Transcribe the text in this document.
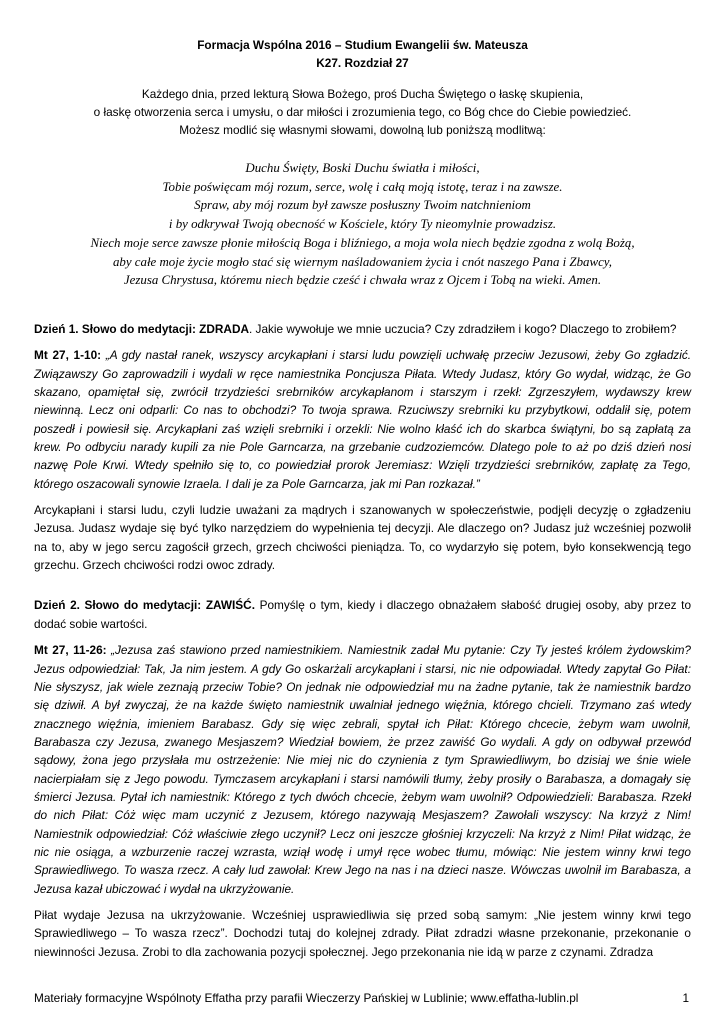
Formacja Wspólna 2016 – Studium Ewangelii św. Mateusza
K27. Rozdział 27
Każdego dnia, przed lekturą Słowa Bożego, proś Ducha Świętego o łaskę skupienia,
o łaskę otworzenia serca i umysłu, o dar miłości i zrozumienia tego, co Bóg chce do Ciebie powiedzieć.
Możesz modlić się własnymi słowami, dowolną lub poniższą modlitwą:
Duchu Święty, Boski Duchu światła i miłości,
Tobie poświęcam mój rozum, serce, wolę i całą moją istotę, teraz i na zawsze.
Spraw, aby mój rozum był zawsze posłuszny Twoim natchnieniom
i by odkrywał Twoją obecność w Kościele, który Ty nieomylnie prowadzisz.
Niech moje serce zawsze płonie miłością Boga i bliźniego, a moja wola niech będzie zgodna z wolą Bożą,
aby całe moje życie mogło stać się wiernym naśladowaniem życia i cnót naszego Pana i Zbawcy,
Jezusa Chrystusa, któremu niech będzie cześć i chwała wraz z Ojcem i Tobą na wieki. Amen.

Dzień 1. Słowo do medytacji: ZDRADA. Jakie wywołuje we mnie uczucia? Czy zdradziłem i kogo? Dlaczego to zrobiłem?

Mt 27, 1-10: „A gdy nastał ranek, wszyscy arcykapłani i starsi ludu powzięli uchwałę przeciw Jezusowi, żeby Go zgładzić. Związawszy Go zaprowadzili i wydali w ręce namiestnika Poncjusza Piłata. Wtedy Judasz, który Go wydał, widząc, że Go skazano, opamiętał się, zwrócił trzydzieści srebrników arcykapłanom i starszym i rzekł: Zgrzeszyłem, wydawszy krew niewinną. Lecz oni odparli: Co nas to obchodzi? To twoja sprawa. Rzuciwszy srebrniki ku przybytkowi, oddalił się, potem poszedł i powiesił się. Arcykapłani zaś wzięli srebrniki i orzekli: Nie wolno kłaść ich do skarbca świątyni, bo są zapłatą za krew. Po odbyciu narady kupili za nie Pole Garncarza, na grzebanie cudzoziemców. Dlatego pole to aż po dziś dzień nosi nazwę Pole Krwi. Wtedy spełniło się to, co powiedział prorok Jeremiasz: Wzięli trzydzieści srebrników, zapłatę za Tego, którego oszacowali synowie Izraela. I dali je za Pole Garncarza, jak mi Pan rozkazał.”

Arcykapłani i starsi ludu, czyli ludzie uważani za mądrych i szanowanych w społeczeństwie, podjęli decyzję o zgładzeniu Jezusa. Judasz wydaje się być tylko narzędziem do wypełnienia tej decyzji. Ale dlaczego on? Judasz już wcześniej pozwolił na to, aby w jego sercu zagościł grzech, grzech chciwości pieniądza. To, co wydarzyło się potem, było konsekwencją tego grzechu. Grzech chciwości rodzi owoc zdrady.

Dzień 2. Słowo do medytacji: ZAWIŚĆ. Pomyślę o tym, kiedy i dlaczego obnażałem słabość drugiej osoby, aby przez to dodać sobie wartości.

Mt 27, 11-26: „Jezusa zaś stawiono przed namiestnikiem. Namiestnik zadał Mu pytanie: Czy Ty jesteś królem żydowskim? Jezus odpowiedział: Tak, Ja nim jestem. A gdy Go oskarżali arcykapłani i starsi, nic nie odpowiadał. Wtedy zapytał Go Piłat: Nie słyszysz, jak wiele zeznają przeciw Tobie? On jednak nie odpowiedział mu na żadne pytanie, tak że namiestnik bardzo się dziwił. A był zwyczaj, że na każde święto namiestnik uwalniał jednego więźnia, którego chcieli. Trzymano zaś wtedy znacznego więźnia, imieniem Barabasz. Gdy się więc zebrali, spytał ich Piłat: Którego chcecie, żebym wam uwolnił, Barabasza czy Jezusa, zwanego Mesjaszem? Wiedział bowiem, że przez zawiść Go wydali. A gdy on odbywał przewód sądowy, żona jego przysłała mu ostrzeżenie: Nie miej nic do czynienia z tym Sprawiedliwym, bo dzisiaj we śnie wiele nacierpiałam się z Jego powodu. Tymczasem arcykapłani i starsi namówili tłumy, żeby prosiły o Barabasza, a domagały się śmierci Jezusa. Pytał ich namiestnik: Którego z tych dwóch chcecie, żebym wam uwolnił? Odpowiedzieli: Barabasza. Rzekł do nich Piłat: Cóż więc mam uczynić z Jezusem, którego nazywają Mesjaszem? Zawołali wszyscy: Na krzyż z Nim! Namiestnik odpowiedział: Cóż właściwie złego uczynił? Lecz oni jeszcze głośniej krzyczeli: Na krzyż z Nim! Piłat widząc, że nic nie osiąga, a wzburzenie raczej wzrasta, wziął wodę i umył ręce wobec tłumu, mówiąc: Nie jestem winny krwi tego Sprawiedliwego. To wasza rzecz. A cały lud zawołał: Krew Jego na nas i na dzieci nasze. Wówczas uwolnił im Barabasza, a Jezusa kazał ubiczować i wydał na ukrzyżowanie.

Piłat wydaje Jezusa na ukrzyżowanie. Wcześniej usprawiedliwia się przed sobą samym: „Nie jestem winny krwi tego Sprawiedliwego – To wasza rzecz”. Dochodzi tutaj do kolejnej zdrady. Piłat zdradzi własne przekonanie, przekonanie o niewinności Jezusa. Zrobi to dla zachowania pozycji społecznej. Jego przekonania nie idą w parze z czynami. Zdradza

Materiały formacyjne Wspólnoty Effatha przy parafii Wieczerzy Pańskiej w Lublinie; www.effatha-lublin.pl	1
